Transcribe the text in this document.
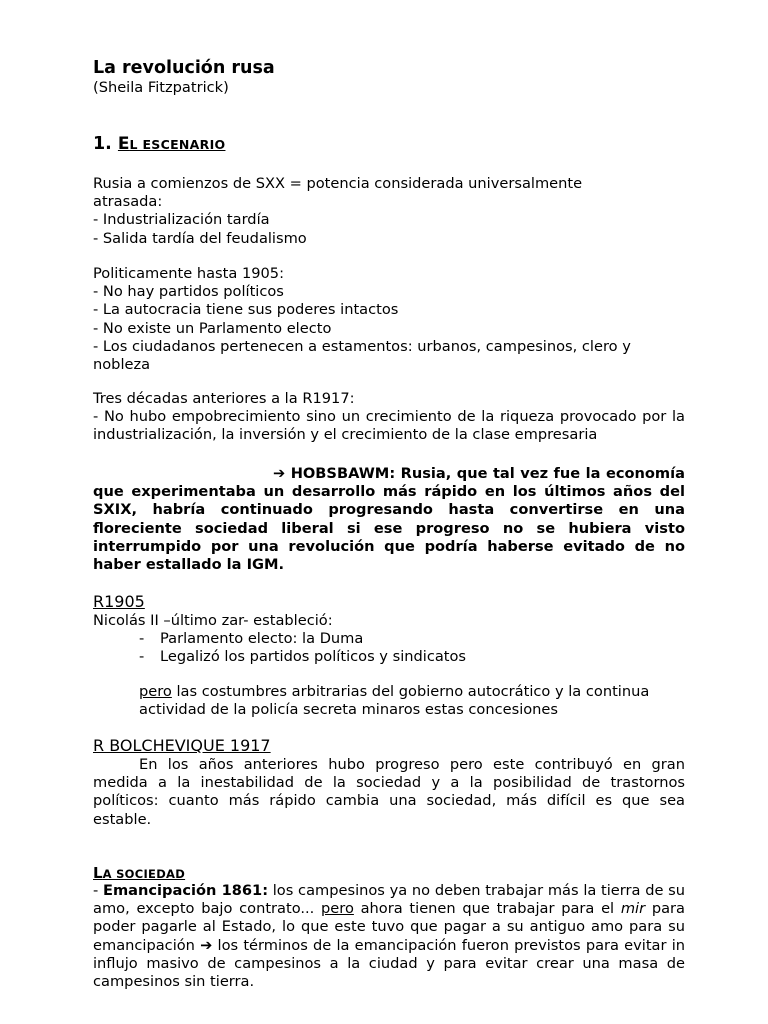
La revolución rusa

(Sheila Fitzpatrick)

1. EL ESCENARIO

Rusia a comienzos de SXX = potencia considerada universalmente

atrasada:

- Industrialización tardía

- Salida tardía del feudalismo

Politicamente hasta 1905:

- No hay partidos políticos

- La autocracia tiene sus poderes intactos

- No existe un Parlamento electo

- Los ciudadanos pertenecen a estamentos: urbanos, campesinos, clero y nobleza

Tres décadas anteriores a la R1917:

- No hubo empobrecimiento sino un crecimiento de la riqueza provocado por la industrialización, la inversión y el crecimiento de la clase empresaria

➔ HOBSBAWM: Rusia, que tal vez fue la economía que experimentaba un desarrollo más rápido en los últimos años del SXIX, habría continuado progresando hasta convertirse en una floreciente sociedad liberal si ese progreso no se hubiera visto interrumpido por una revolución que podría haberse evitado de no haber estallado la IGM.

R1905

Nicolás II –último zar- estableció:

- Parlamento electo: la Duma

- Legalizó los partidos políticos y sindicatos

pero las costumbres arbitrarias del gobierno autocrático y la continua actividad de la policía secreta minaros estas concesiones

R BOLCHEVIQUE 1917

En los años anteriores hubo progreso pero este contribuyó en gran medida a la inestabilidad de la sociedad y a la posibilidad de trastornos políticos: cuanto más rápido cambia una sociedad, más difícil es que sea estable.

LA SOCIEDAD

- Emancipación 1861: los campesinos ya no deben trabajar más la tierra de su amo, excepto bajo contrato... pero ahora tienen que trabajar para el mir para poder pagarle al Estado, lo que este tuvo que pagar a su antiguo amo para su emancipación ➔ los términos de la emancipación fueron previstos para evitar in influjo masivo de campesinos a la ciudad y para evitar crear una masa de campesinos sin tierra.
